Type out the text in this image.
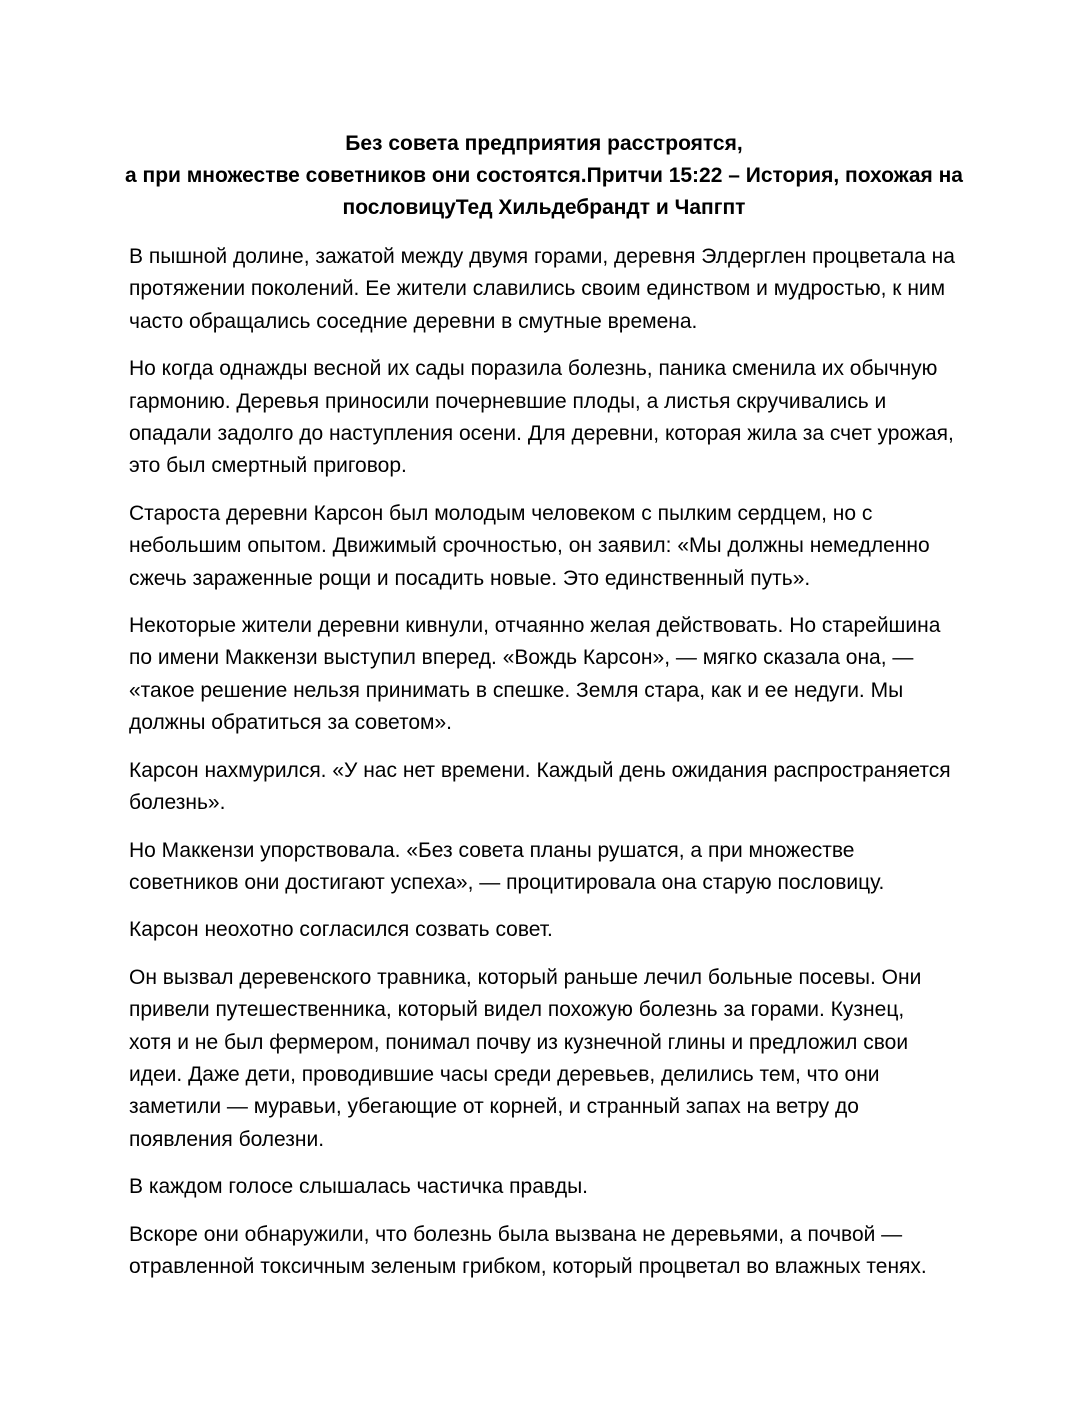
Без совета предприятия расстроятся,
а при множестве советников они состоятся.Притчи 15:22 – История, похожая на
пословицуТед Хильдебрандт и Чапгпт
В пышной долине, зажатой между двумя горами, деревня Элдерглен процветала на
протяжении поколений. Ее жители славились своим единством и мудростью, к ним
часто обращались соседние деревни в смутные времена.
Но когда однажды весной их сады поразила болезнь, паника сменила их обычную
гармонию. Деревья приносили почерневшие плоды, а листья скручивались и
опадали задолго до наступления осени. Для деревни, которая жила за счет урожая,
это был смертный приговор.
Староста деревни Карсон был молодым человеком с пылким сердцем, но с
небольшим опытом. Движимый срочностью, он заявил: «Мы должны немедленно
сжечь зараженные рощи и посадить новые. Это единственный путь».
Некоторые жители деревни кивнули, отчаянно желая действовать. Но старейшина
по имени Маккензи выступил вперед. «Вождь Карсон», — мягко сказала она, —
«такое решение нельзя принимать в спешке. Земля стара, как и ее недуги. Мы
должны обратиться за советом».
Карсон нахмурился. «У нас нет времени. Каждый день ожидания распространяется
болезнь».
Но Маккензи упорствовала. «Без совета планы рушатся, а при множестве
советников они достигают успеха», — процитировала она старую пословицу.
Карсон неохотно согласился созвать совет.
Он вызвал деревенского травника, который раньше лечил больные посевы. Они
привели путешественника, который видел похожую болезнь за горами. Кузнец,
хотя и не был фермером, понимал почву из кузнечной глины и предложил свои
идеи. Даже дети, проводившие часы среди деревьев, делились тем, что они
заметили — муравьи, убегающие от корней, и странный запах на ветру до
появления болезни.
В каждом голосе слышалась частичка правды.
Вскоре они обнаружили, что болезнь была вызвана не деревьями, а почвой —
отравленной токсичным зеленым грибком, который процветал во влажных тенях.
